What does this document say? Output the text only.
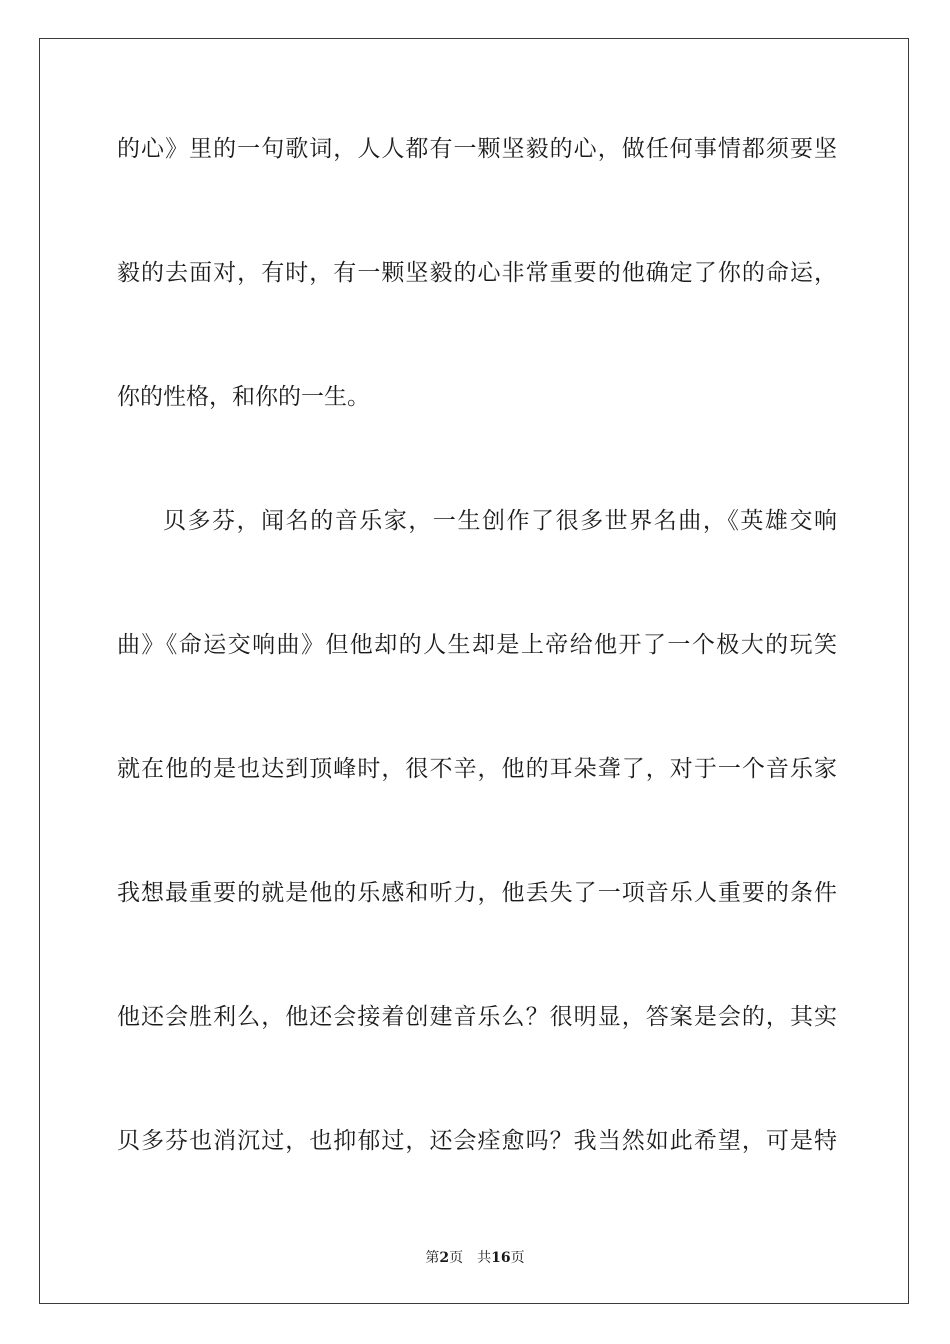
的心》里的一句歌词，人人都有一颗坚毅的心，做任何事情都须要坚
毅的去面对，有时，有一颗坚毅的心非常重要的他确定了你的命运，
你的性格，和你的一生。
贝多芬，闻名的音乐家，一生创作了很多世界名曲，《英雄交响
曲》《命运交响曲》但他却的人生却是上帝给他开了一个极大的玩笑
就在他的是也达到顶峰时，很不辛，他的耳朵聋了，对于一个音乐家
我想最重要的就是他的乐感和听力，他丢失了一项音乐人重要的条件
他还会胜利么，他还会接着创建音乐么？很明显，答案是会的，其实
贝多芬也消沉过，也抑郁过，还会痊愈吗？我当然如此希望，可是特
第2页 共16页
